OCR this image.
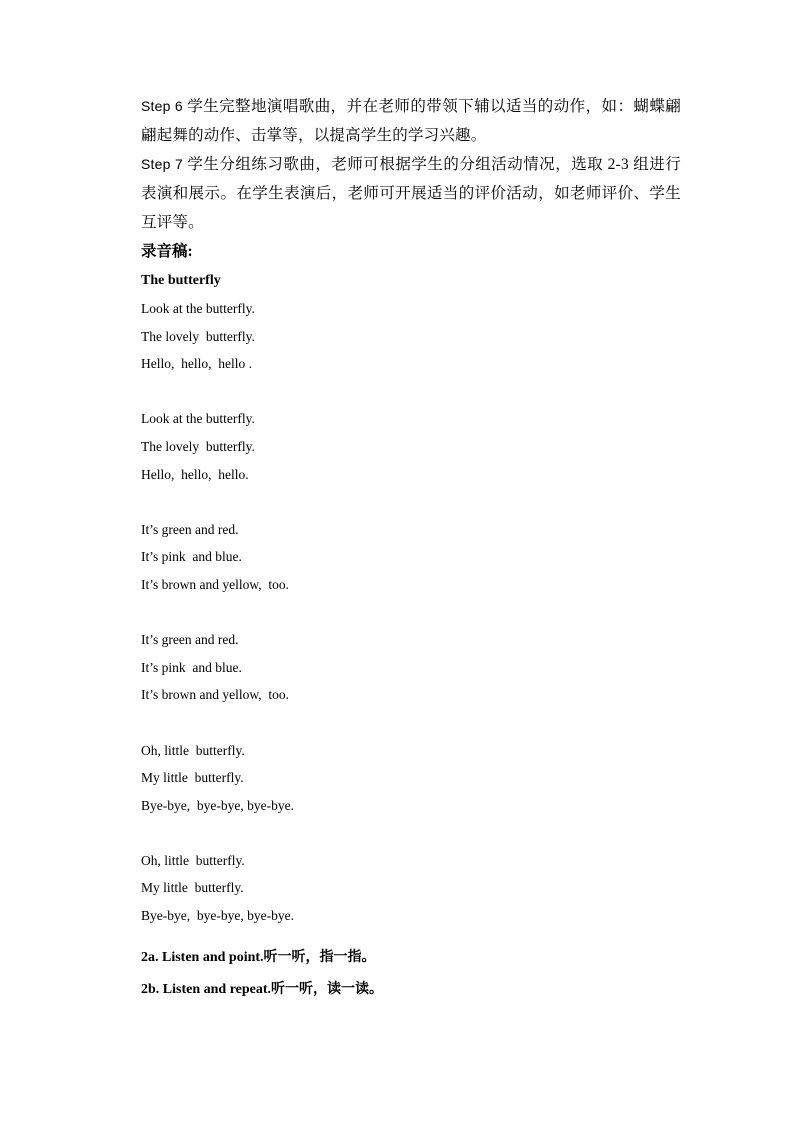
Step 6 学生完整地演唱歌曲，并在老师的带领下辅以适当的动作，如：蝴蝶翩翩起舞的动作、击掌等，以提高学生的学习兴趣。

Step 7 学生分组练习歌曲，老师可根据学生的分组活动情况，选取 2-3 组进行表演和展示。在学生表演后，老师可开展适当的评价活动，如老师评价、学生互评等。

录音稿:

The butterfly

Look at the butterfly.
The lovely  butterfly.
Hello,  hello,  hello .
Look at the butterfly.
The lovely  butterfly.
Hello,  hello,  hello.
It’s green and red.
It’s pink  and blue.
It’s brown and yellow,  too.
It’s green and red.
It’s pink  and blue.
It’s brown and yellow,  too.
Oh, little  butterfly.
My little  butterfly.
Bye-bye,  bye-bye, bye-bye.
Oh, little  butterfly.
My little  butterfly.
Bye-bye,  bye-bye, bye-bye.

2a. Listen and point.听一听，指一指。

2b. Listen and repeat.听一听，读一读。
